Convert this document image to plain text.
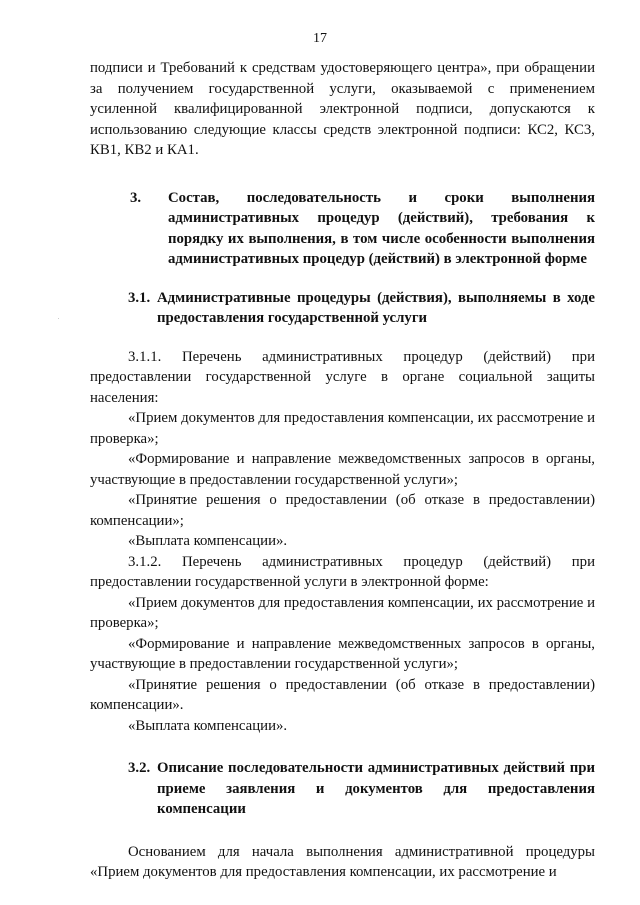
17

подписи и Требований к средствам удостоверяющего центра», при обращении за получением государственной услуги, оказываемой с применением усиленной квалифицированной электронной подписи, допускаются к использованию следующие классы средств электронной подписи: КС2, КС3, КВ1, КВ2 и КА1.

3.	Состав, последовательность и сроки выполнения административных процедур (действий), требования к порядку их выполнения, в том числе особенности выполнения административных процедур (действий) в электронной форме
3.1. Административные процедуры (действия), выполняемы в ходе предоставления государственной услуги

3.1.1. Перечень административных процедур (действий) при предоставлении государственной услуге в органе социальной защиты населения:

«Прием документов для предоставления компенсации, их рассмотрение и проверка»;

«Формирование и направление межведомственных запросов в органы, участвующие в предоставлении государственной услуги»;

«Принятие решения о предоставлении (об отказе в предоставлении) компенсации»;

«Выплата компенсации».

3.1.2. Перечень административных процедур (действий) при предоставлении государственной услуги в электронной форме:

«Прием документов для предоставления компенсации, их рассмотрение и проверка»;

«Формирование и направление межведомственных запросов в органы, участвующие в предоставлении государственной услуги»;

«Принятие решения о предоставлении (об отказе в предоставлении) компенсации».

«Выплата компенсации».

3.2. Описание последовательности административных действий при приеме заявления и документов для предоставления компенсации

Основанием для начала выполнения административной процедуры «Прием документов для предоставления компенсации, их рассмотрение и
